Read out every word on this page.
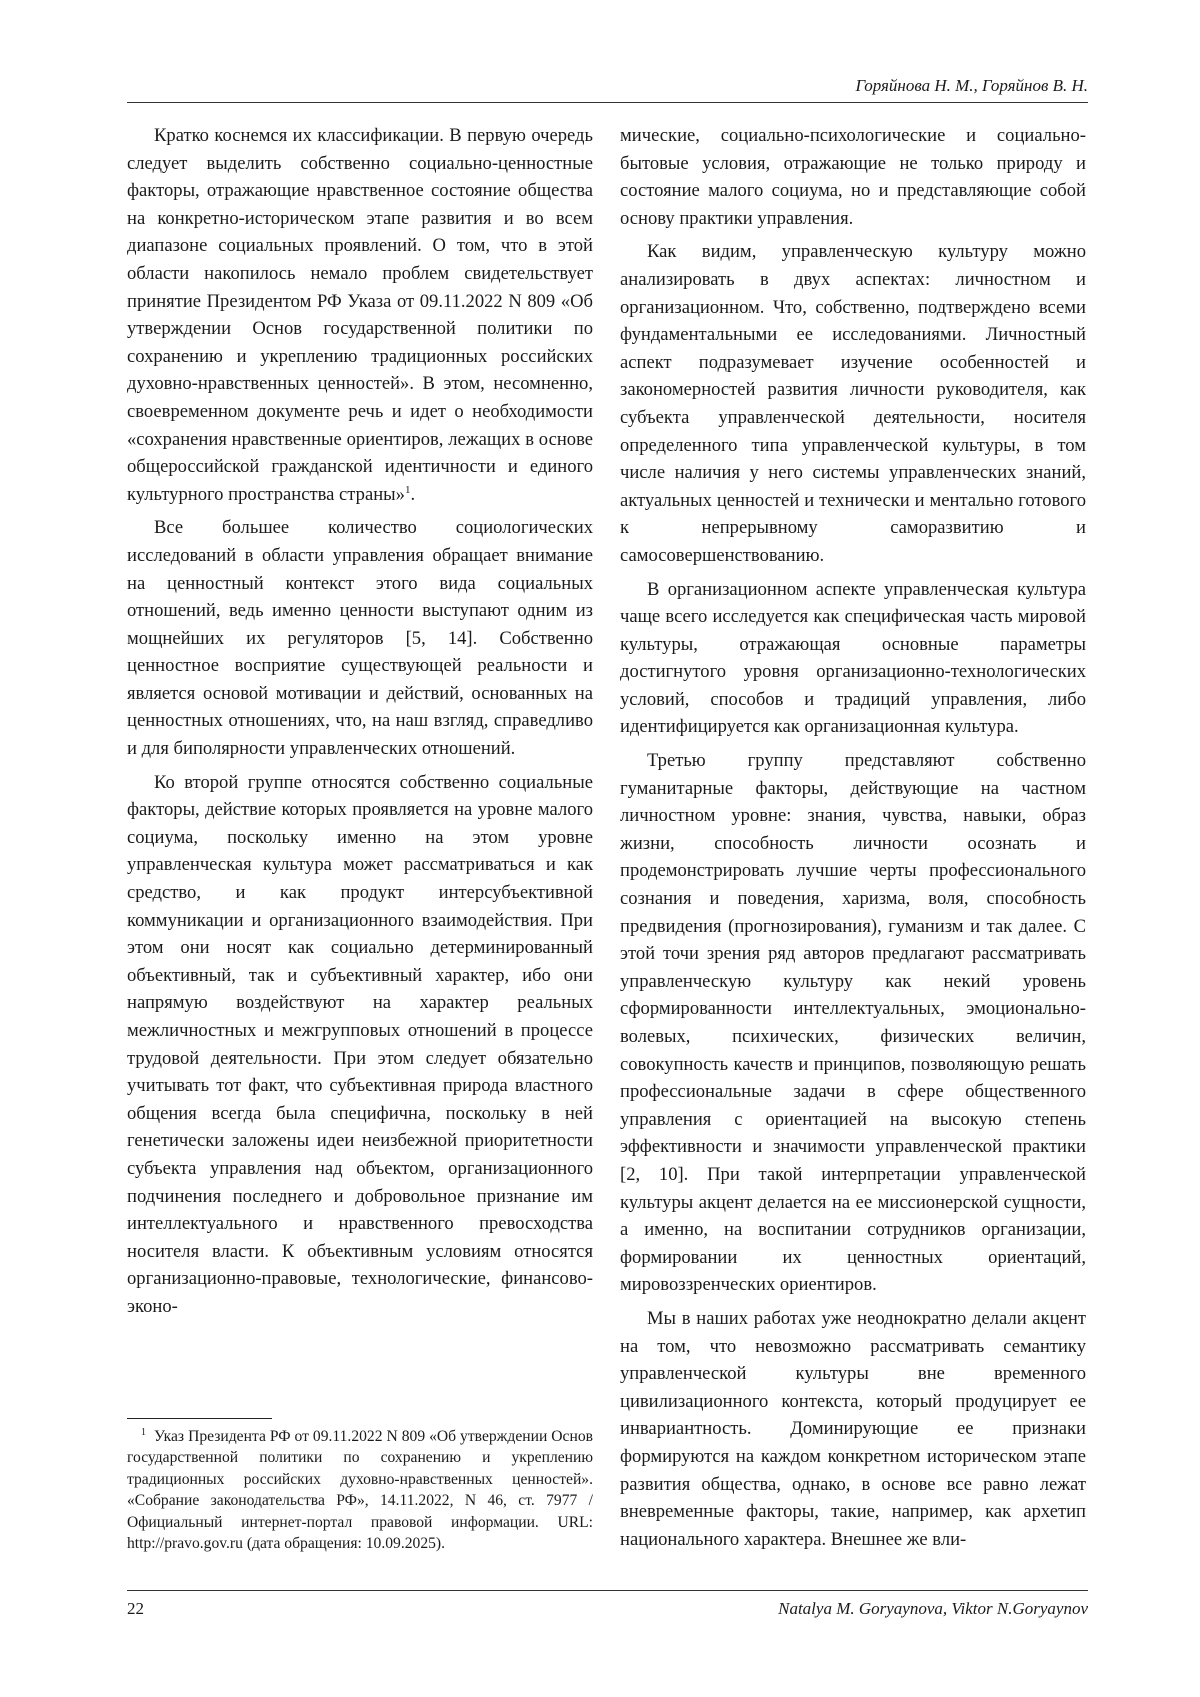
Горяйнова Н. М., Горяйнов В. Н.

Кратко коснемся их классификации. В первую очередь следует выделить собственно социально-ценностные факторы, отражающие нравственное состояние общества на конкретно-историческом этапе развития и во всем диапазоне социальных проявлений. О том, что в этой области накопилось немало проблем свидетельствует принятие Президентом РФ Указа от 09.11.2022 N 809 «Об утверждении Основ государственной политики по сохранению и укреплению традиционных российских духовно-нравственных ценностей». В этом, несомненно, своевременном документе речь и идет о необходимости «сохранения нравственные ориентиров, лежащих в основе общероссийской гражданской идентичности и единого культурного пространства страны»$^1$.

Все большее количество социологических исследований в области управления обращает внимание на ценностный контекст этого вида социальных отношений, ведь именно ценности выступают одним из мощнейших их регуляторов [5, 14]. Собственно ценностное восприятие существующей реальности и является основой мотивации и действий, основанных на ценностных отношениях, что, на наш взгляд, справедливо и для биполярности управленческих отношений.

Ко второй группе относятся собственно социальные факторы, действие которых проявляется на уровне малого социума, поскольку именно на этом уровне управленческая культура может рассматриваться и как средство, и как продукт интерсубъективной коммуникации и организационного взаимодействия. При этом они носят как социально детерминированный объективный, так и субъективный характер, ибо они напрямую воздействуют на характер реальных межличностных и межгрупповых отношений в процессе трудовой деятельности. При этом следует обязательно учитывать тот факт, что субъективная природа властного общения всегда была специфична, поскольку в ней генетически заложены идеи неизбежной приоритетности субъекта управления над объектом, организационного подчинения последнего и добровольное признание им интеллектуального и нравственного превосходства носителя власти. К объективным условиям относятся организационно-правовые, технологические, финансово-эконо-

мические, социально-психологические и социально-бытовые условия, отражающие не только природу и состояние малого социума, но и представляющие собой основу практики управления.

Как видим, управленческую культуру можно анализировать в двух аспектах: личностном и организационном. Что, собственно, подтверждено всеми фундаментальными ее исследованиями. Личностный аспект подразумевает изучение особенностей и закономерностей развития личности руководителя, как субъекта управленческой деятельности, носителя определенного типа управленческой культуры, в том числе наличия у него системы управленческих знаний, актуальных ценностей и технически и ментально готового к непрерывному саморазвитию и самосовершенствованию.

В организационном аспекте управленческая культура чаще всего исследуется как специфическая часть мировой культуры, отражающая основные параметры достигнутого уровня организационно-технологических условий, способов и традиций управления, либо идентифицируется как организационная культура.

Третью группу представляют собственно гуманитарные факторы, действующие на частном личностном уровне: знания, чувства, навыки, образ жизни, способность личности осознать и продемонстрировать лучшие черты профессионального сознания и поведения, харизма, воля, способность предвидения (прогнозирования), гуманизм и так далее. С этой точи зрения ряд авторов предлагают рассматривать управленческую культуру как некий уровень сформированности интеллектуальных, эмоционально-волевых, психических, физических величин, совокупность качеств и принципов, позволяющую решать профессиональные задачи в сфере общественного управления с ориентацией на высокую степень эффективности и значимости управленческой практики [2, 10]. При такой интерпретации управленческой культуры акцент делается на ее миссионерской сущности, а именно, на воспитании сотрудников организации, формировании их ценностных ориентаций, мировоззренческих ориентиров.

Мы в наших работах уже неоднократно делали акцент на том, что невозможно рассматривать семантику управленческой культуры вне временного цивилизационного контекста, который продуцирует ее инвариантность. Доминирующие ее признаки формируются на каждом конкретном историческом этапе развития общества, однако, в основе все равно лежат вневременные факторы, такие, например, как архетип национального характера. Внешнее же вли-

$^1$ Указ Президента РФ от 09.11.2022 N 809 «Об утверждении Основ государственной политики по сохранению и укреплению традиционных российских духовно-нравственных ценностей». «Собрание законодательства РФ», 14.11.2022, N 46, ст. 7977 / Официальный интернет-портал правовой информации. URL: http://pravo.gov.ru (дата обращения: 10.09.2025).

22	Natalya M. Goryaynova, Viktor N.Goryaynov
